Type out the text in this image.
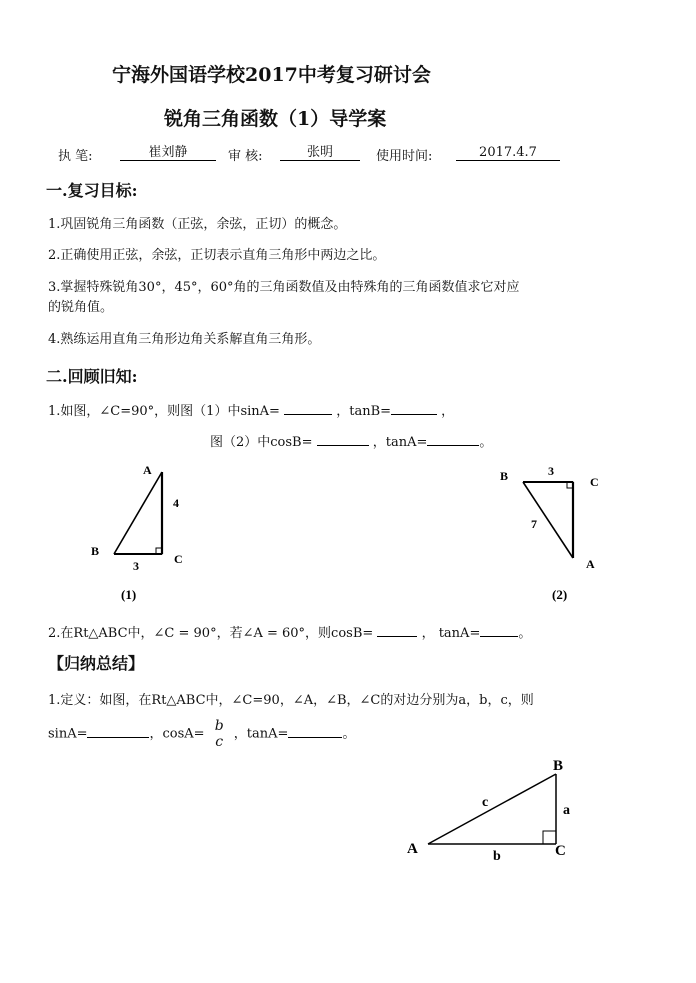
宁海外国语学校2017中考复习研讨会
锐角三角函数（1）导学案
执 笔:	崔刘静	审 核:	张明	使用时间:	2017.4.7
一.复习目标:
1.巩固锐角三角函数（正弦，余弦，正切）的概念。
2.正确使用正弦，余弦，正切表示直角三角形中两边之比。
3.掌握特殊锐角30°，45°，60°角的三角函数值及由特殊角的三角函数值求它对应
的锐角值。
4.熟练运用直角三角形边角关系解直角三角形。
二.回顾旧知:
1.如图，∠C=90°，则图（1）中sinA=	，tanB=	，
图（2）中cosB=	，tanA=	。
A
4
B
C
3
(1)
B	3
C
7
A
(2)
2.在Rt△ABC中，∠C = 90°，若∠A = 60°，则cosB=	， tanA=	。
【归纳总结】
1.定义：如图，在Rt△ABC中，∠C=90，∠A，∠B，∠C的对边分别为a，b，c，则
sinA=	，cosA= b
c ，tanA=	。
B
c
a
A	b	C
